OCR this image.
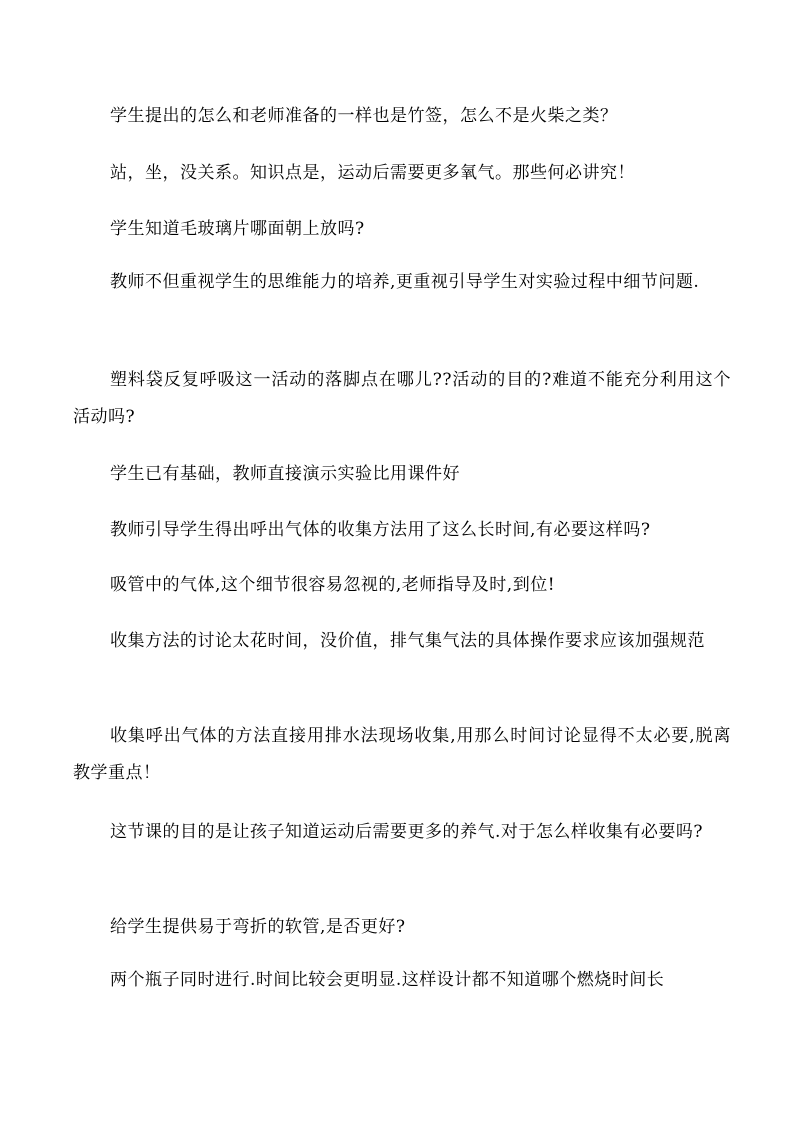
学生提出的怎么和老师准备的一样也是竹签，怎么不是火柴之类？

站，坐，没关系。知识点是，运动后需要更多氧气。那些何必讲究！

学生知道毛玻璃片哪面朝上放吗?

教师不但重视学生的思维能力的培养,更重视引导学生对实验过程中细节问题.

塑料袋反复呼吸这一活动的落脚点在哪儿??活动的目的?难道不能充分利用这个活动吗?

学生已有基础，教师直接演示实验比用课件好

教师引导学生得出呼出气体的收集方法用了这么长时间,有必要这样吗?

吸管中的气体,这个细节很容易忽视的,老师指导及时,到位!

收集方法的讨论太花时间，没价值，排气集气法的具体操作要求应该加强规范

收集呼出气体的方法直接用排水法现场收集,用那么时间讨论显得不太必要,脱离教学重点！

这节课的目的是让孩子知道运动后需要更多的养气.对于怎么样收集有必要吗?

给学生提供易于弯折的软管,是否更好?

两个瓶子同时进行.时间比较会更明显.这样设计都不知道哪个燃烧时间长
